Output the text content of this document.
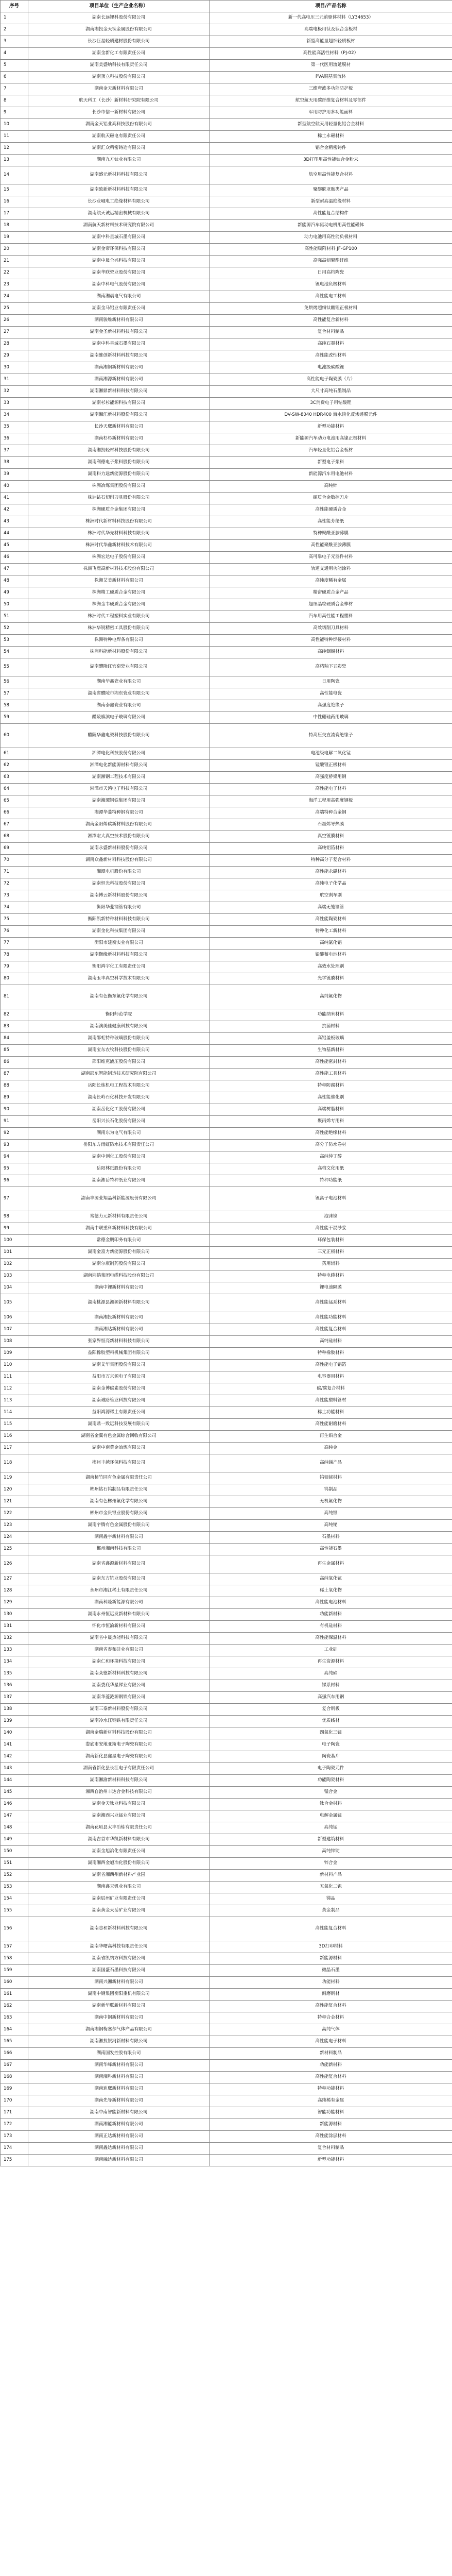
序号	项目单位（生产企业名称）	项目/产品名称
1	湖南长远锂科股份有限公司	新一代高电压三元前驱体材料（LY34653）
2	湖南湘投金天钛金属股份有限公司	高端电极用钛及钛合金板材
3	长沙巨星轻质建材股份有限公司	新型高能量超细轻质板材
4	湖南金新化工有限责任公司	高性能高活性材料（PJ-02）
5	湖南美盛纳科技有限责任公司	第一代医用流延膜材
6	湖南顶立科技股份有限公司	PVA铜基集流体
7	湖南金天新材料有限公司	三维弯波多功能防护板
8	航天科工（长沙）新材料研究院有限公司	航空航天用碳纤维复合材料及零部件
9	长沙市信一新材料有限公司	军用防护用多功能面料
10	湖南金天铝业高科技股份有限公司	新型航空航天用轻量化铝合金材料
11	湖南航天磁电有限责任公司	稀土永磁材料
12	湖南汇众精密铸造有限公司	铝合金精密铸件
13	湖南九方钛业有限公司	3D打印用高性能钛合金粉末
14	湖南盛元新材料科技有限公司	航空用高性能复合材料
15	湖南致新新材料科技有限公司	聚醚酰亚胺类产品
16	长沙业城电工绝缘材料有限公司	新型耐高温绝缘材料
17	湖南航天诚远精密机械有限公司	高性能复合结构件
18	湖南航天新材料技术研究院有限公司	新能源汽车驱动电机用高性能磁体
19	湖南中科星城石墨有限公司	动力电池用高性能负极材料
20	湖南金帝环保科技有限公司	高性能吸附材料 JF-GP100
21	湖南中晟全兴科技有限公司	高强高韧聚酯纤维
22	湖南华联瓷业股份有限公司	日用高档陶瓷
23	湖南中科电气股份有限公司	锂电池负极材料
24	湖南湘晨电气有限公司	高性能电工材料
25	湖南金马铝业有限责任公司	免烘烤超细钛酸锂正极材料
26	湖南骏维新材料有限公司	高性能复合新材料
27	湖南金圣新材料科技有限公司	复合材料制品
28	湖南中科星城石墨有限公司	高纯石墨材料
29	湖南维创新材料科技有限公司	高性能改性材料
30	湖南湘钢新材料有限公司	电池级碳酸锂
31	湖南湘源新材料有限公司	高性能电子陶瓷膜（片）
32	湖南湘鼎新材料科技有限公司	大尺寸高纯石墨制品
33	湖南杉杉能源科技有限公司	3C消费电子用钴酸锂
34	湖南湘江新材料股份有限公司	DV-SW-8040 HDR400 海水淡化反渗透膜元件
35	长沙天鹰新材料有限公司	新型功能材料
36	湖南杉杉新材料有限公司	新能源汽车动力电池用高镍正极材料
37	湖南湘投轻材科技股份有限公司	汽车轻量化铝合金板材
38	湖南利德电子浆料股份有限公司	新型电子浆料
39	湖南科力远新能源股份有限公司	新能源汽车用电池材料
40	株洲冶炼集团股份有限公司	高纯锌
41	株洲钻石切削刀具股份有限公司	硬质合金数控刀片
42	株洲硬质合金集团有限公司	高性能硬质合金
43	株洲时代新材料科技股份有限公司	高性能芳纶纸
44	株洲时代华先材料科技有限公司	特种聚酰亚胺薄膜
45	株洲时代华鑫新材料技术有限公司	高性能聚酰亚胺薄膜
46	株洲宏达电子股份有限公司	高可靠电子元器件材料
47	株洲飞鹿高新材料技术股份有限公司	轨道交通用功能涂料
48	株洲艾美新材料有限公司	高纯度稀有金属
49	株洲精工硬质合金有限公司	精密硬质合金产品
50	株洲金韦硬质合金有限公司	超细晶粒硬质合金棒材
51	株洲时代工程塑料实业有限公司	汽车用高性能工程塑料
52	株洲华锐精密工具股份有限公司	高效切削刀具材料
53	株洲特种电焊条有限公司	高性能特种焊接材料
54	株洲科能新材料股份有限公司	高纯铟锡材料
55	湖南醴陵红官窑瓷业有限公司	高档釉下五彩瓷
56	湖南华鑫瓷业有限公司	日用陶瓷
57	湖南省醴陵市湘东瓷业有限公司	高性能电瓷
58	湖南泰鑫瓷业有限公司	高强度绝缘子
59	醴陵旗滨电子玻璃有限公司	中性硼硅药用玻璃
60	醴陵华鑫电瓷科技股份有限公司	特高压交直流瓷绝缘子
61	湘潭电化科技股份有限公司	电池级电解二氧化锰
62	湘潭电化新能源材料有限公司	锰酸锂正极材料
63	湖南湘钢工程技术有限公司	高强度桥梁用钢
64	湘潭市天鸿电子科技有限公司	高性能电子材料
65	湖南湘潭钢铁集团有限公司	海洋工程用高强度钢板
66	湘潭华菱特种钢有限公司	高端特种合金钢
67	湖南金阳烯碳新材料股份有限公司	石墨烯导热膜
68	湘潭宏大真空技术股份有限公司	真空镀膜材料
69	湖南永盛新材料股份有限公司	高纯铝箔材料
70	湖南众鑫新材料科技股份有限公司	特种高分子复合材料
71	湘潭电机股份有限公司	高性能永磁材料
72	湖南恒光科技股份有限公司	高纯电子化学品
73	湖南博云新材料股份有限公司	航空刹车副
74	衡阳华菱钢管有限公司	高端无缝钢管
75	衡阳凯新特种材料科技有限公司	高性能陶瓷材料
76	湖南金化科技集团有限公司	特种化工新材料
77	衡阳市建衡实业有限公司	高纯氯化铝
78	湖南衡缘新材料科技有限公司	铅酸蓄电池材料
79	衡阳鸿宇化工有限责任公司	高效水处理剂
80	湖南玉丰真空科学技术有限公司	光学镀膜材料
81	湖南有色衡东氟化学有限公司	高纯氟化物
82	衡阳师范学院	功能纳米材料
83	湖南澳美佳健康科技有限公司	抗菌材料
84	湖南邵虹特种玻璃股份有限公司	高铝盖板玻璃
85	湖南宝东农牧科技股份有限公司	生物基新材料
86	邵阳维克液压股份有限公司	高性能密封材料
87	湖南邵东智能制造技术研究院有限公司	高性能工具材料
88	岳阳长炼机电工程技术有限公司	特种防腐材料
89	湖南长岭石化科技开发有限公司	高性能催化剂
90	湖南岳化化工股份有限公司	高端树脂材料
91	岳阳兴长石化股份有限公司	聚丙烯专用料
92	湖南东为电气有限公司	高性能绝缘材料
93	岳阳东方雨虹防水技术有限责任公司	高分子防水卷材
94	湖南中创化工股份有限公司	高纯仲丁醇
95	岳阳林纸股份有限公司	高档文化用纸
96	湖南湘岳特种纸业有限公司	特种功能纸
97	湖南丰源业翔晶科新能源股份有限公司	锂离子电池材料
98	常德力元新材料有限责任公司	泡沫镍
99	湖南中联重科新材料科技有限公司	高性能干混砂浆
100	常德金鹏印务有限公司	环保包装材料
101	湖南金富力新能源股份有限公司	三元正极材料
102	湖南尔康制药股份有限公司	药用辅料
103	湖南湘鹤集团电缆科技股份有限公司	特种电缆材料
104	湖南中锂新材料有限公司	锂电池隔膜
105	湖南桃源县湘源新材料有限公司	高性能锰系材料
106	湖南湘投新材料有限公司	高性能功能材料
107	湖南湘达新材料有限公司	高性能复合材料
108	张家界恒亮新材料科技有限公司	高纯硅材料
109	益阳橡胶塑料机械集团有限公司	特种橡胶材料
110	湖南艾华集团股份有限公司	高性能电子铝箔
111	益阳市万京源电子有限公司	电容器用材料
112	湖南金博碳素股份有限公司	碳/碳复合材料
113	湖南诚路管业科技有限公司	高性能塑料管材
114	益阳鸿源稀土有限责任公司	稀土功能材料
115	湖南鼎一致远科技发展有限公司	高性能耐磨材料
116	湖南省金翼有色金属综合回收有限公司	再生铅合金
117	湖南中南黄金冶炼有限公司	高纯金
118	郴州丰越环保科技有限公司	高纯锑产品
119	湖南柿竹园有色金属有限责任公司	钨钼铋材料
120	郴州钻石钨制品有限责任公司	钨制品
121	湖南有色郴州氟化学有限公司	无机氟化物
122	郴州市金贵银业股份有限公司	高纯银
123	湖南宇腾有色金属股份有限公司	高纯铋
124	湖南鑫宇新材料有限公司	石墨材料
125	郴州湘南科技有限公司	高性能石墨
126	湖南省鑫源新材料有限公司	再生金属材料
127	湖南东方钪业股份有限公司	高纯氧化钪
128	永州市湘江稀土有限责任公司	稀土氧化物
129	湖南科隆新能源有限公司	高性能电池材料
130	湖南永州恒远发新材料有限公司	功能新材料
131	怀化市恒渝新材料有限公司	有机硅材料
132	湖南省中晟热能科技有限公司	高性能保温材料
133	湖南省泰和硅业有限公司	工业硅
134	湖南仁和环境科技有限公司	再生资源材料
135	湖南众德新材料科技有限公司	高纯碲
136	湖南娄底华星锑业有限公司	锑系材料
137	湖南华菱涟源钢铁有限公司	高强汽车用钢
138	湖南三泰新材料股份有限公司	复合钢板
139	湖南冷水江钢铁有限责任公司	优质线材
140	湖南金瑞新材料科技股份有限公司	四氧化三锰
141	娄底市安地亚斯电子陶瓷有限公司	电子陶瓷
142	湖南新化县鑫星电子陶瓷有限公司	陶瓷基片
143	湖南省新化县长江电子有限责任公司	电子陶瓷元件
144	湖南湘渝新材料科技有限公司	功能陶瓷材料
145	湘西自治州丰达合金科技有限公司	锰合金
146	湖南金天钛业科技有限公司	钛合金材料
147	湖南湘西兴业锰业有限公司	电解金属锰
148	湖南花垣县太丰冶炼有限责任公司	高纯锰
149	湖南吉首市华凯新材料有限公司	新型建筑材料
150	湖南金旭冶化有限责任公司	高纯锌锭
151	湖南湘西金旭冶化股份有限公司	锌合金
152	湖南省湘西州新材料产业园	新材料产品
153	湖南鑫天钒业有限公司	五氧化二钒
154	湖南辰州矿业有限责任公司	锑品
155	湖南黄金天岳矿业有限公司	黄金制品
156	湖南志和新材料科技有限公司	高性能复合材料
157	湖南华曙高科技有限责任公司	3D打印材料
158	湖南省凯纳方科技有限公司	新能源材料
159	湖南国盛石墨科技有限公司	微晶石墨
160	湖南兴湘新材料有限公司	功能材料
161	湖南中钢集团衡阳重机有限公司	耐磨钢材
162	湖南新华联新材料有限公司	高性能复合材料
163	湖南中钢新材料有限公司	特种合金材料
164	湖南湘钢梅塞尔气体产品有限公司	高纯气体
165	湖南湘投银河新材料有限公司	高性能电子材料
166	湖南国发控股有限公司	新材料制品
167	湖南华峰新材料有限公司	功能新材料
168	湖南湘科新材料有限公司	高性能复合材料
169	湖南迪鹰新材料有限公司	特种功能材料
170	湖南先导新材料有限公司	高纯稀有金属
171	湖南中南智能新材料有限公司	智能功能材料
172	湖南湘能新材料有限公司	新能源材料
173	湖南正达新材料有限公司	高性能涂层材料
174	湖南鑫达新材料有限公司	复合材料制品
175	湖南融达新材料有限公司	新型功能材料
